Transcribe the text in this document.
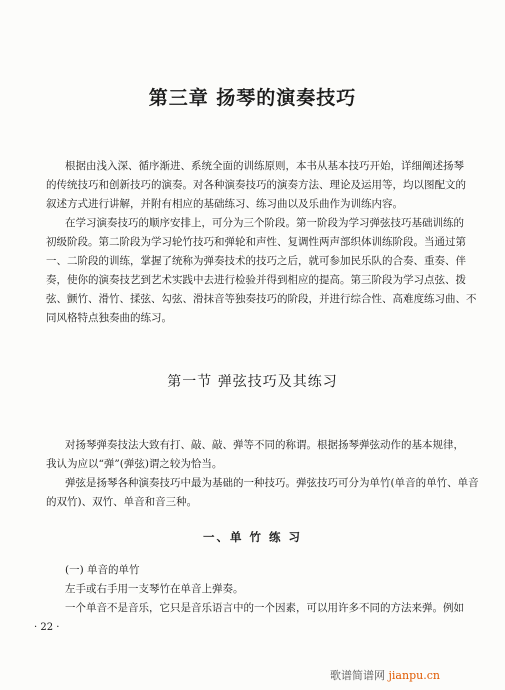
第三章 扬琴的演奏技巧
根据由浅入深、循序渐进、系统全面的训练原则，本书从基本技巧开始，详细阐述扬琴
的传统技巧和创新技巧的演奏。对各种演奏技巧的演奏方法、理论及运用等，均以图配文的
叙述方式进行讲解，并附有相应的基础练习、练习曲以及乐曲作为训练内容。
在学习演奏技巧的顺序安排上，可分为三个阶段。第一阶段为学习弹弦技巧基础训练的
初级阶段。第二阶段为学习轮竹技巧和弹轮和声性、复调性两声部织体训练阶段。当通过第
一、二阶段的训练，掌握了统称为弹奏技术的技巧之后，就可参加民乐队的合奏、重奏、伴
奏，使你的演奏技艺到艺术实践中去进行检验并得到相应的提高。第三阶段为学习点弦、拨
弦、颤竹、滑竹、揉弦、勾弦、滑抹音等独奏技巧的阶段，并进行综合性、高难度练习曲、不
同风格特点独奏曲的练习。
第一节 弹弦技巧及其练习
对扬琴弹奏技法大致有打、敲、敲、弹等不同的称谓。根据扬琴弹弦动作的基本规律，
我认为应以“弹”(弹弦)谓之较为恰当。
弹弦是扬琴各种演奏技巧中最为基础的一种技巧。弹弦技巧可分为单竹(单音的单竹、单音
的双竹)、双竹、单音和音三种。
一、单 竹 练 习
(一) 单音的单竹
左手或右手用一支琴竹在单音上弹奏。
一个单音不是音乐，它只是音乐语言中的一个因素，可以用许多不同的方法来弹。例如
· 22 ·
歌谱简谱网 jianpu.cn
